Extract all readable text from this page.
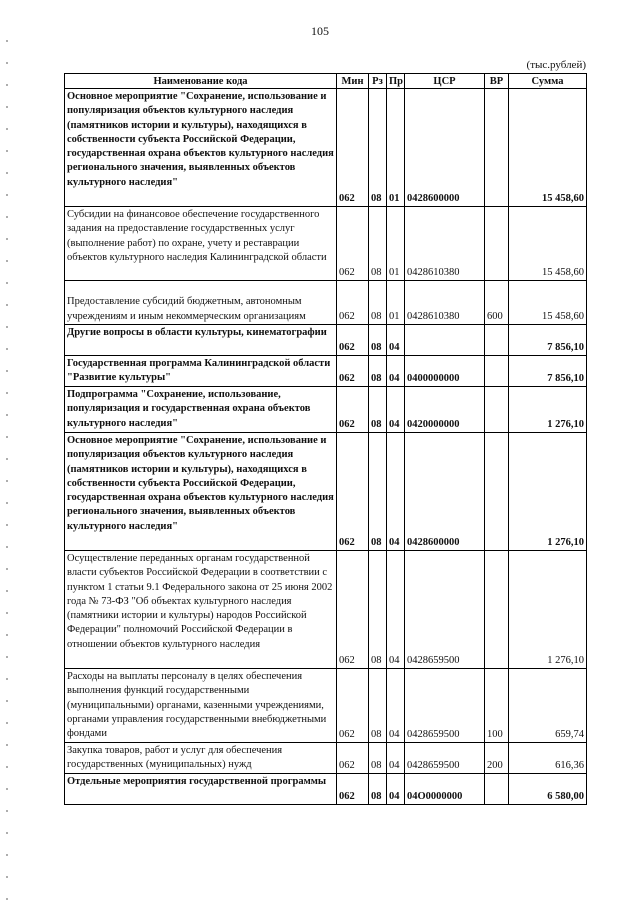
105
(тыс.рублей)
Наименование кода	Мин	Рз	Пр	ЦСР	ВР	Сумма
Основное мероприятие "Сохранение, использование и популяризация объектов культурного наследия (памятников истории и культуры), находящихся в собственности субъекта Российской Федерации, государственная охрана объектов культурного наследия регионального значения, выявленных объектов культурного наследия"	062	08	01	0428600000		15 458,60
Субсидии на финансовое обеспечение государственного задания на предоставление государственных услуг (выполнение работ) по охране, учету и реставрации объектов культурного наследия Калининградской области	062	08	01	0428610380		15 458,60
Предоставление субсидий бюджетным, автономным учреждениям и иным некоммерческим организациям	062	08	01	0428610380	600	15 458,60
Другие вопросы в области культуры, кинематографии	062	08	04			7 856,10
Государственная программа Калининградской области "Развитие культуры"	062	08	04	0400000000		7 856,10
Подпрограмма "Сохранение, использование, популяризация и государственная охрана объектов культурного наследия"	062	08	04	0420000000		1 276,10
Основное мероприятие "Сохранение, использование и популяризация объектов культурного наследия (памятников истории и культуры), находящихся в собственности субъекта Российской Федерации, государственная охрана объектов культурного наследия регионального значения, выявленных объектов культурного наследия"	062	08	04	0428600000		1 276,10
Осуществление переданных органам государственной власти субъектов Российской Федерации в соответствии с пунктом 1 статьи 9.1 Федерального закона от 25 июня 2002 года № 73-ФЗ "Об объектах культурного наследия (памятники истории и культуры) народов Российской Федерации" полномочий Российской Федерации в отношении объектов культурного наследия	062	08	04	0428659500		1 276,10
Расходы на выплаты персоналу в целях обеспечения выполнения функций государственными (муниципальными) органами, казенными учреждениями, органами управления государственными внебюджетными фондами	062	08	04	0428659500	100	659,74
Закупка товаров, работ и услуг для обеспечения государственных (муниципальных) нужд	062	08	04	0428659500	200	616,36
Отдельные мероприятия государственной программы	062	08	04	04О0000000		6 580,00
